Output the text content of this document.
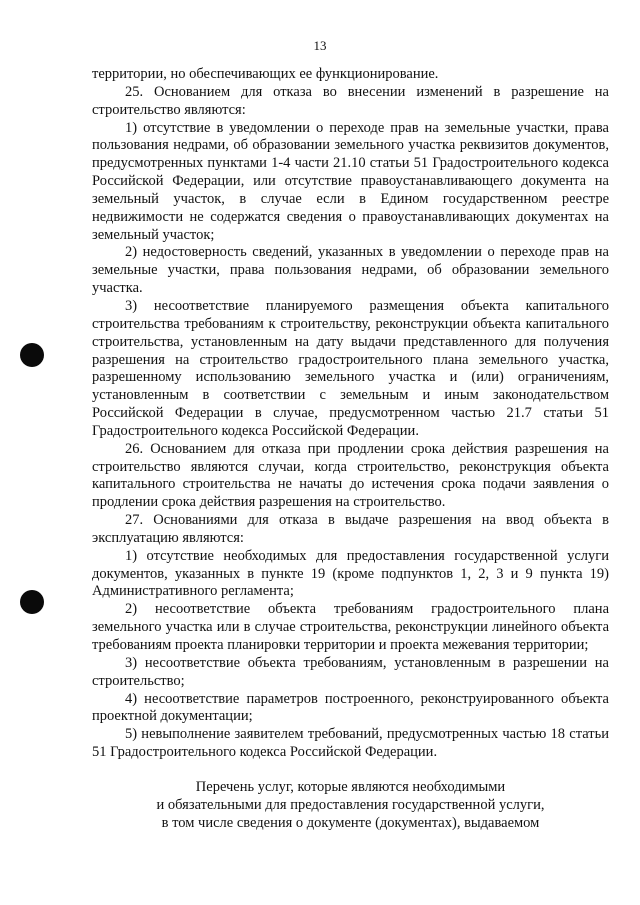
13

территории, но обеспечивающих ее функционирование.

25. Основанием для отказа во внесении изменений в разрешение на строительство являются:

1) отсутствие в уведомлении о переходе прав на земельные участки, права пользования недрами, об образовании земельного участка реквизитов документов, предусмотренных пунктами 1-4 части 21.10 статьи 51 Градостроительного кодекса Российской Федерации, или отсутствие правоустанавливающего документа на земельный участок, в случае если в Едином государственном реестре недвижимости не содержатся сведения о правоустанавливающих документах на земельный участок;

2) недостоверность сведений, указанных в уведомлении о переходе прав на земельные участки, права пользования недрами, об образовании земельного участка.

3) несоответствие планируемого размещения объекта капитального строительства требованиям к строительству, реконструкции объекта капитального строительства, установленным на дату выдачи представленного для получения разрешения на строительство градостроительного плана земельного участка, разрешенному использованию земельного участка и (или) ограничениям, установленным в соответствии с земельным и иным законодательством Российской Федерации в случае, предусмотренном частью 21.7 статьи 51 Градостроительного кодекса Российской Федерации.

26. Основанием для отказа при продлении срока действия разрешения на строительство являются случаи, когда строительство, реконструкция объекта капитального строительства не начаты до истечения срока подачи заявления о продлении срока действия разрешения на строительство.

27. Основаниями для отказа в выдаче разрешения на ввод объекта в эксплуатацию являются:

1) отсутствие необходимых для предоставления государственной услуги документов, указанных в пункте 19 (кроме подпунктов 1, 2, 3 и 9 пункта 19) Административного регламента;

2) несоответствие объекта требованиям градостроительного плана земельного участка или в случае строительства, реконструкции линейного объекта требованиям проекта планировки территории и проекта межевания территории;

3) несоответствие объекта требованиям, установленным в разрешении на строительство;

4) несоответствие параметров построенного, реконструированного объекта проектной документации;

5) невыполнение заявителем требований, предусмотренных частью 18 статьи 51 Градостроительного кодекса Российской Федерации.

Перечень услуг, которые являются необходимыми
и обязательными для предоставления государственной услуги,
в том числе сведения о документе (документах), выдаваемом
